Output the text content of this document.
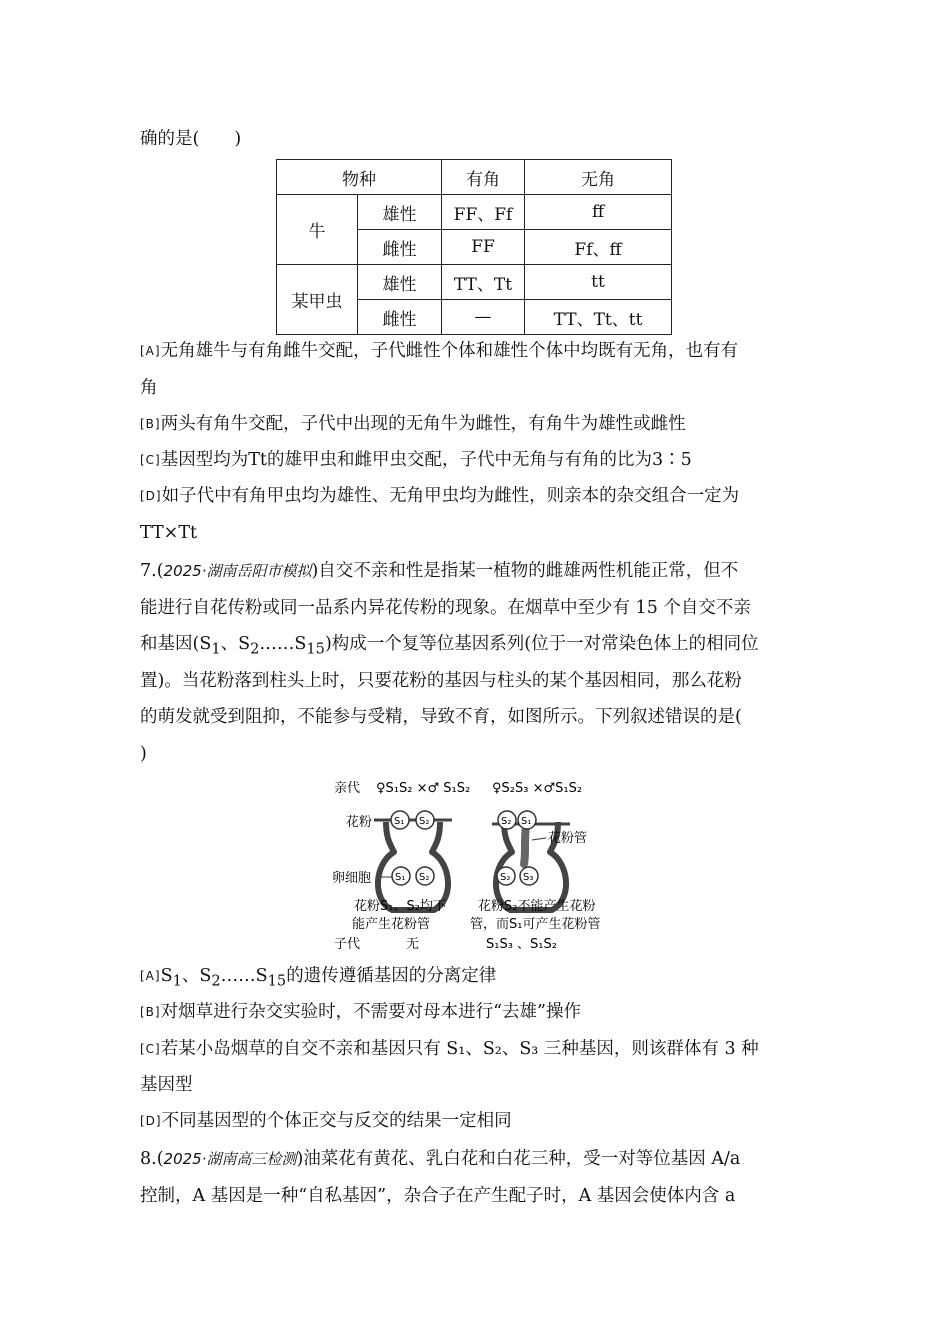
确的是(　　)
物种		有角	无角
牛	雄性	FF、Ff	ff
	雌性	FF	Ff、ff
某甲虫	雄性	TT、Tt	tt
	雌性	—	TT、Tt、tt
[A]无角雄牛与有角雌牛交配，子代雌性个体和雄性个体中均既有无角，也有有
角
[B]两头有角牛交配，子代中出现的无角牛为雌性，有角牛为雄性或雌性
[C]基因型均为Tt的雄甲虫和雌甲虫交配，子代中无角与有角的比为3∶5
[D]如子代中有角甲虫均为雄性、无角甲虫均为雌性，则亲本的杂交组合一定为
TT×Tt
7.(2025·湖南岳阳市模拟)自交不亲和性是指某一植物的雌雄两性机能正常，但不
能进行自花传粉或同一品系内异花传粉的现象。在烟草中至少有 15 个自交不亲
和基因($S_1$、$S_2\dots\dots S_{15}$)构成一个复等位基因系列(位于一对常染色体上的相同位
置)。当花粉落到柱头上时，只要花粉的基因与柱头的某个基因相同，那么花粉
的萌发就受到阻抑，不能参与受精，导致不育，如图所示。下列叙述错误的是(
)
亲代 ♀S₁S₂ ×♂ S₁S₂ ♀S₂S₃ ×♂S₁S₂
S₁ S₂
S₁ S₂
花粉
卵细胞
花粉S₁、S₂均不
能产生花粉管
S₂ S₁
S₂ S₃
花粉管
花粉S₂不能产生花粉
管，而S₁可产生花粉管
子代	无	S₁S₃ 、S₁S₂
$[A]S_1$、$S_2\dots\dots S_{15}$的遗传遵循基因的分离定律
[B]对烟草进行杂交实验时，不需要对母本进行“去雄”操作
[C]若某小岛烟草的自交不亲和基因只有 S₁、S₂、S₃ 三种基因，则该群体有 3 种
基因型
[D]不同基因型的个体正交与反交的结果一定相同
8.(2025·湖南高三检测)油菜花有黄花、乳白花和白花三种，受一对等位基因 A/a
控制，A 基因是一种“自私基因”，杂合子在产生配子时，A 基因会使体内含 a
